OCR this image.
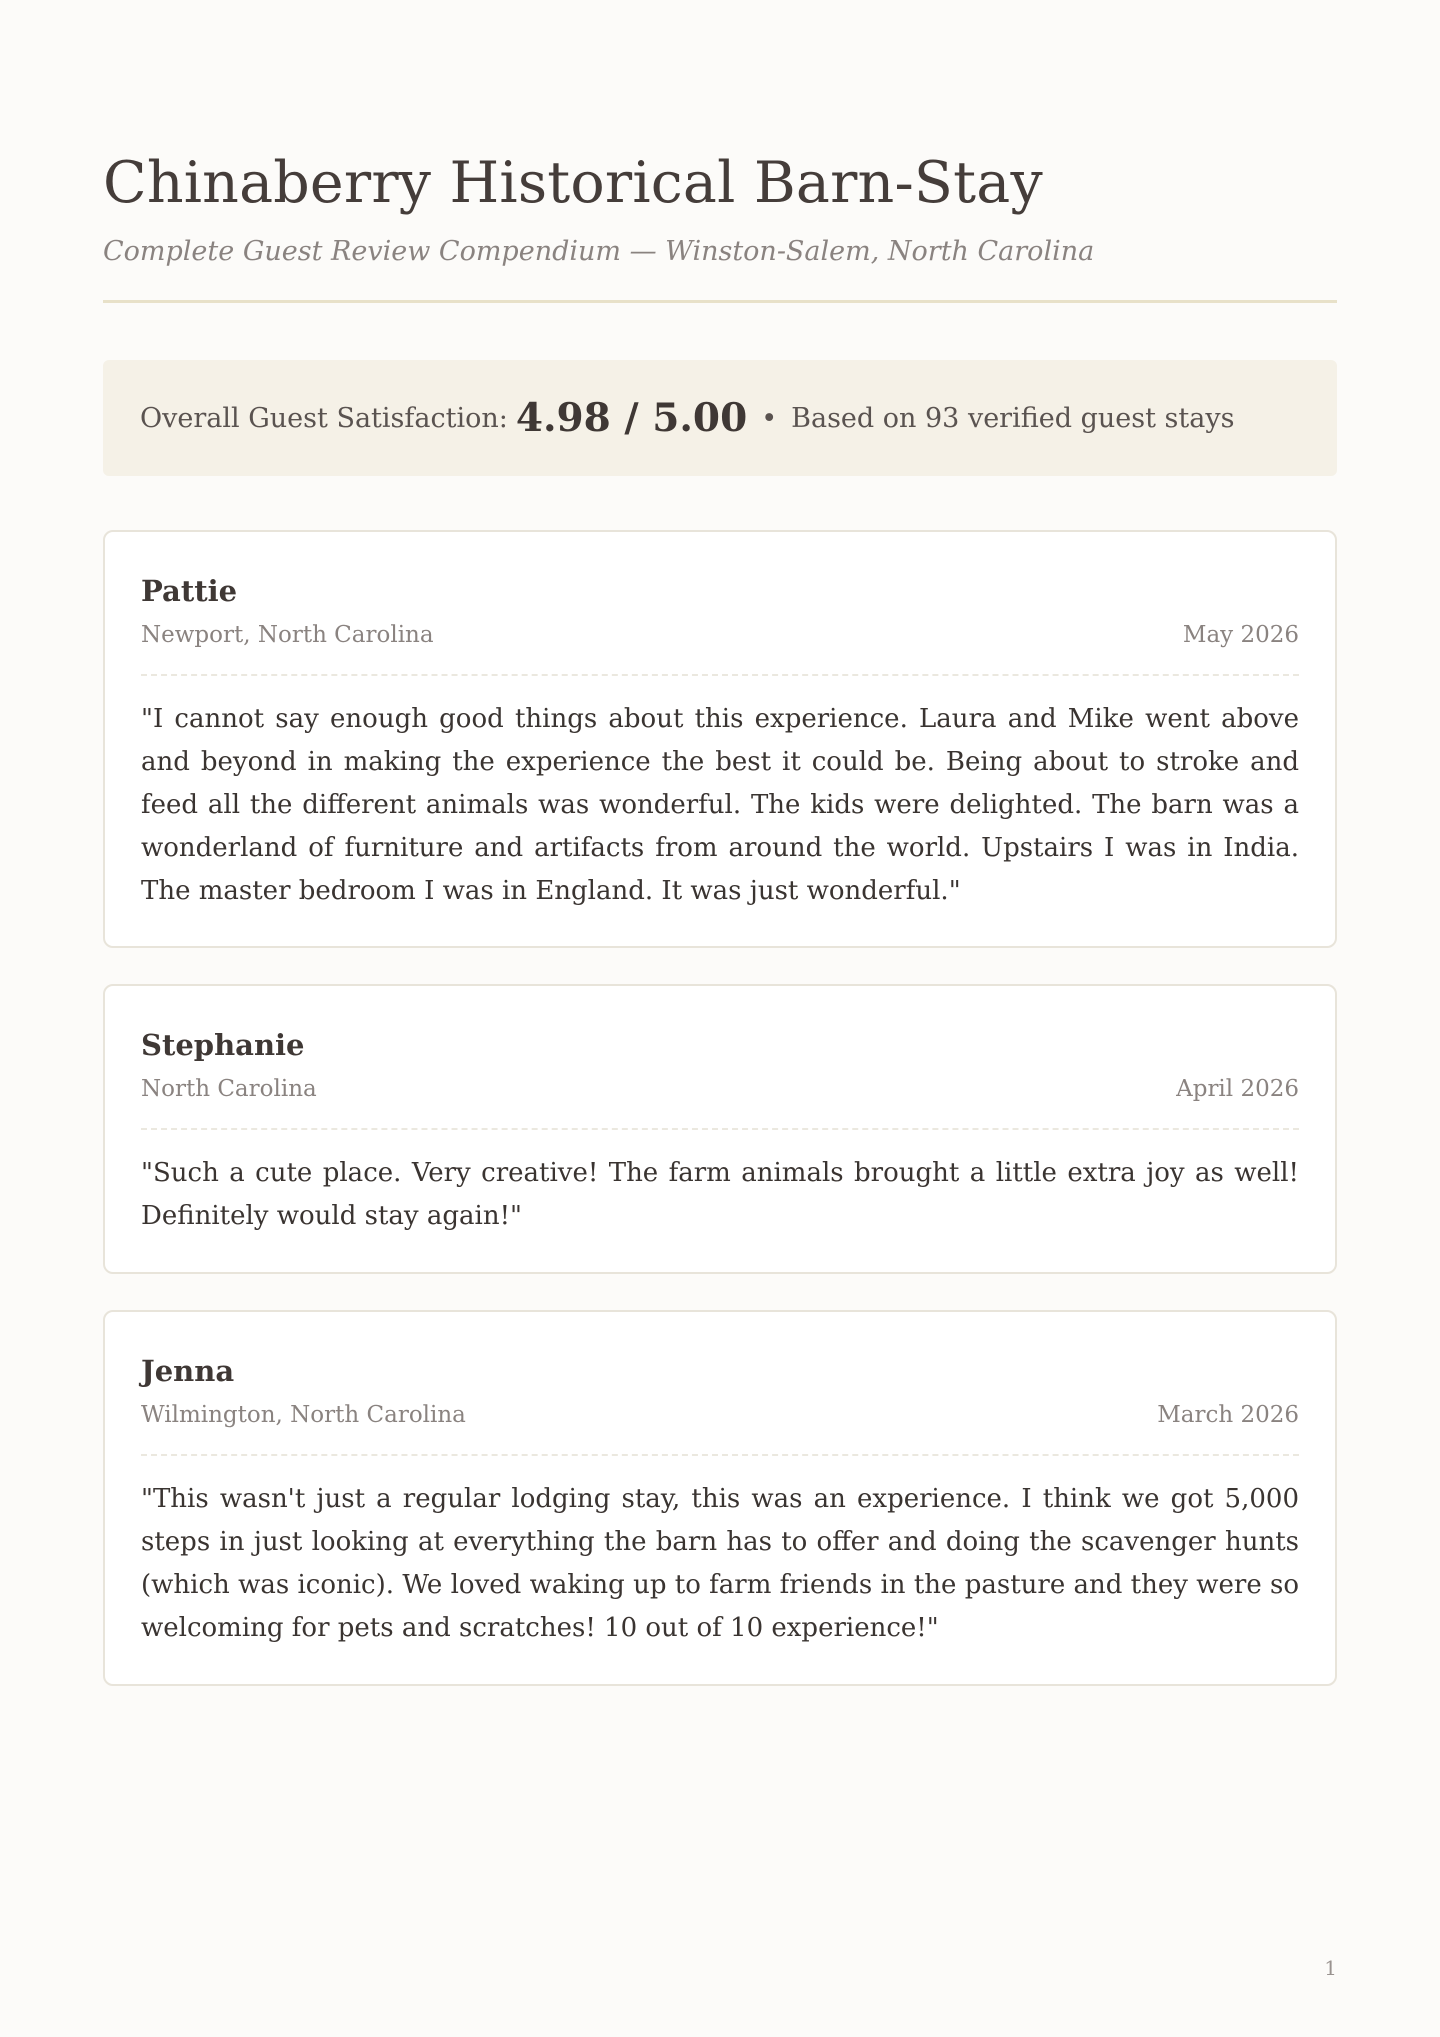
Chinaberry Historical Barn-Stay
Complete Guest Review Compendium — Winston-Salem, North Carolina
Overall Guest Satisfaction: 4.98 / 5.00 • Based on 93 verified guest stays
Pattie
Newport, North Carolina	May 2026

"I cannot say enough good things about this experience. Laura and Mike went above and beyond in making the experience the best it could be. Being about to stroke and feed all the different animals was wonderful. The kids were delighted. The barn was a wonderland of furniture and artifacts from around the world. Upstairs I was in India. The master bedroom I was in England. It was just wonderful."

Stephanie
North Carolina	April 2026

"Such a cute place. Very creative! The farm animals brought a little extra joy as well! Definitely would stay again!"

Jenna
Wilmington, North Carolina	March 2026

"This wasn't just a regular lodging stay, this was an experience. I think we got 5,000 steps in just looking at everything the barn has to offer and doing the scavenger hunts (which was iconic). We loved waking up to farm friends in the pasture and they were so welcoming for pets and scratches! 10 out of 10 experience!"

1
